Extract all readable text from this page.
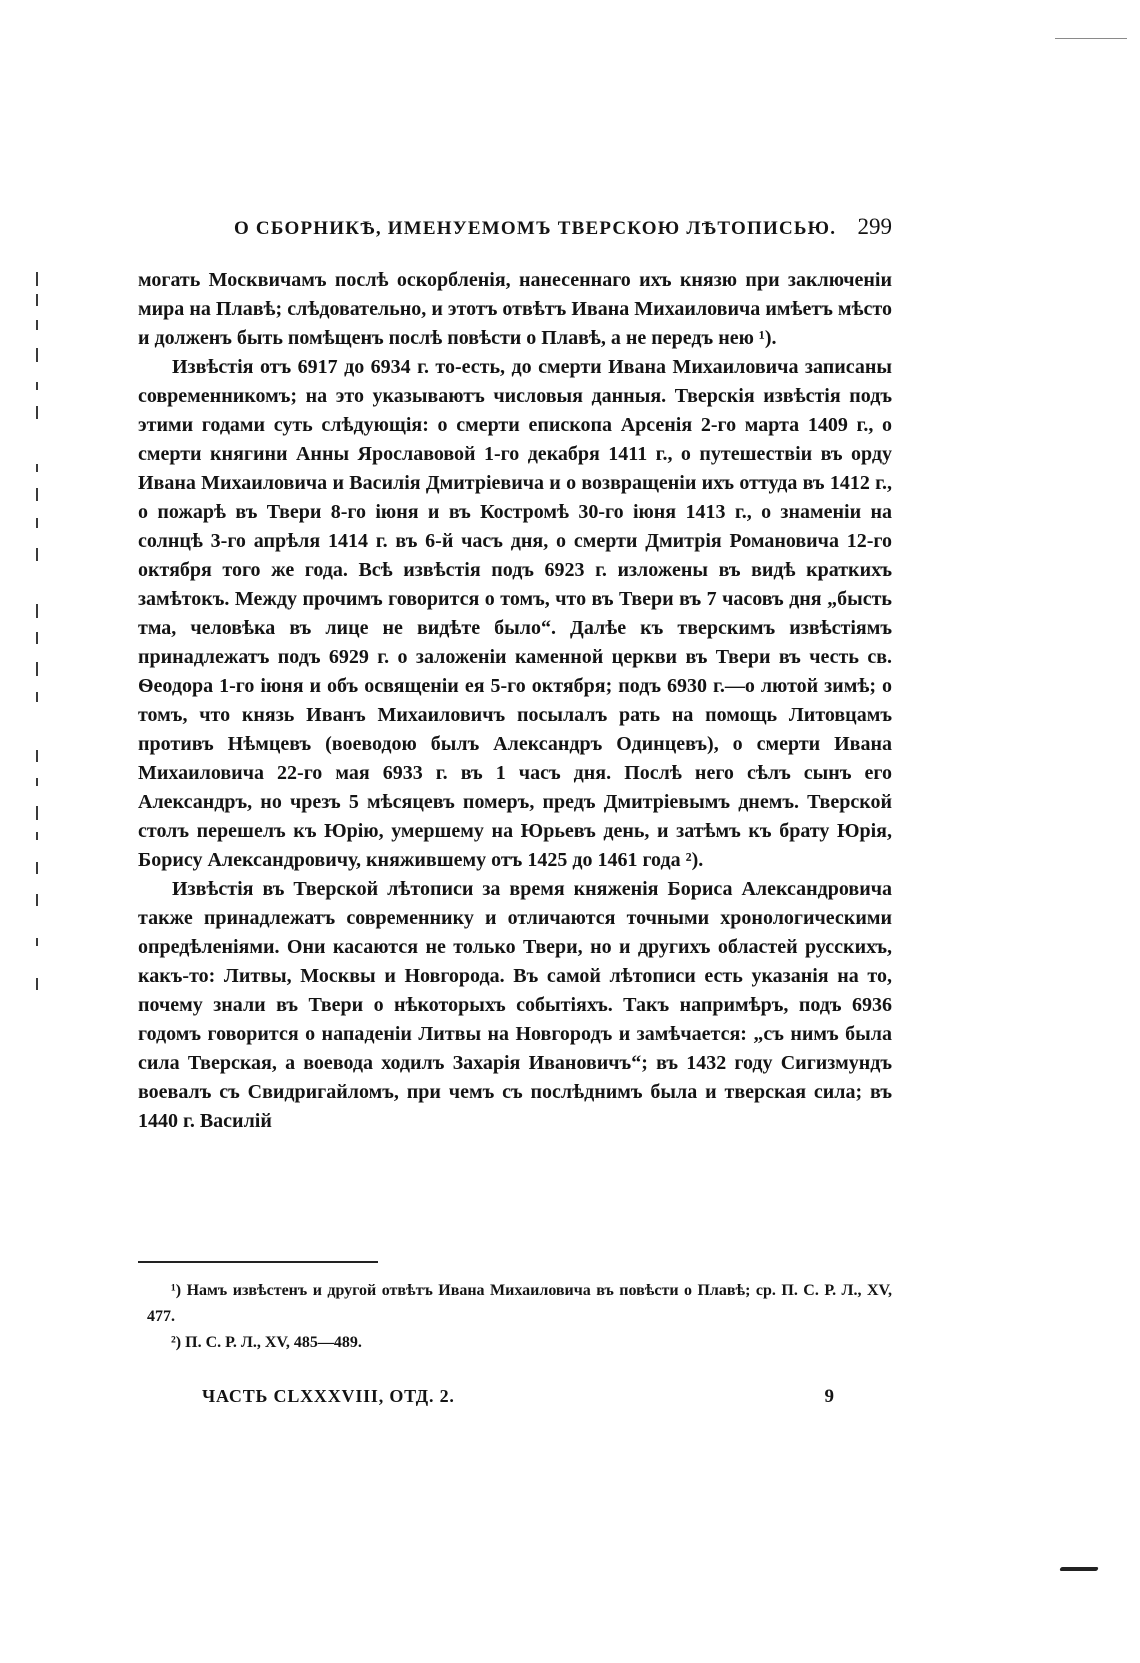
О СБОРНИКѢ, ИМЕНУЕМОМЪ ТВЕРСКОЮ ЛѢТОПИСЬЮ. 299

могать Москвичамъ послѣ оскорбленія, нанесеннаго ихъ князю при заключеніи мира на Плавѣ; слѣдовательно, и этотъ отвѣтъ Ивана Михаиловича имѣетъ мѣсто и долженъ быть помѣщенъ послѣ повѣсти о Плавѣ, а не передъ нею ¹).

Извѣстія отъ 6917 до 6934 г. то-есть, до смерти Ивана Михаиловича записаны современникомъ; на это указываютъ числовыя данныя. Тверскія извѣстія подъ этими годами суть слѣдующія: о смерти епископа Арсенія 2-го марта 1409 г., о смерти княгини Анны Ярославовой 1-го декабря 1411 г., о путешествіи въ орду Ивана Михаиловича и Василія Дмитріевича и о возвращеніи ихъ оттуда въ 1412 г., о пожарѣ въ Твери 8-го іюня и въ Костромѣ 30-го іюня 1413 г., о знаменіи на солнцѣ 3-го апрѣля 1414 г. въ 6-й часъ дня, о смерти Дмитрія Романовича 12-го октября того же года. Всѣ извѣстія подъ 6923 г. изложены въ видѣ краткихъ замѣтокъ. Между прочимъ говорится о томъ, что въ Твери въ 7 часовъ дня „бысть тма, человѣка въ лице не видѣте было“. Далѣе къ тверскимъ извѣстіямъ принадлежатъ подъ 6929 г. о заложеніи каменной церкви въ Твери въ честь св. Ѳеодора 1-го іюня и объ освященіи ея 5-го октября; подъ 6930 г.—о лютой зимѣ; о томъ, что князь Иванъ Михаиловичъ посылалъ рать на помощь Литовцамъ противъ Нѣмцевъ (воеводою былъ Александръ Одинцевъ), о смерти Ивана Михаиловича 22-го мая 6933 г. въ 1 часъ дня. Послѣ него сѣлъ сынъ его Александръ, но чрезъ 5 мѣсяцевъ померъ, предъ Дмитріевымъ днемъ. Тверской столъ перешелъ къ Юрію, умершему на Юрьевъ день, и затѣмъ къ брату Юрія, Борису Александровичу, княжившему отъ 1425 до 1461 года ²).

Извѣстія въ Тверской лѣтописи за время княженія Бориса Александровича также принадлежатъ современнику и отличаются точными хронологическими опредѣленіями. Они касаются не только Твери, но и другихъ областей русскихъ, какъ-то: Литвы, Москвы и Новгорода. Въ самой лѣтописи есть указанія на то, почему знали въ Твери о нѣкоторыхъ событіяхъ. Такъ напримѣръ, подъ 6936 годомъ говорится о нападеніи Литвы на Новгородъ и замѣчается: „съ нимъ была сила Тверская, а воевода ходилъ Захарія Ивановичъ“; въ 1432 году Сигизмундъ воевалъ съ Свидригайломъ, при чемъ съ послѣднимъ была и тверская сила; въ 1440 г. Василій

¹) Намъ извѣстенъ и другой отвѣтъ Ивана Михаиловича въ повѣсти о Плавѣ; ср. П. С. Р. Л., XV, 477.

²) П. С. Р. Л., XV, 485—489.

ЧАСТЬ CLXXXVIII, ОТД. 2.	9
